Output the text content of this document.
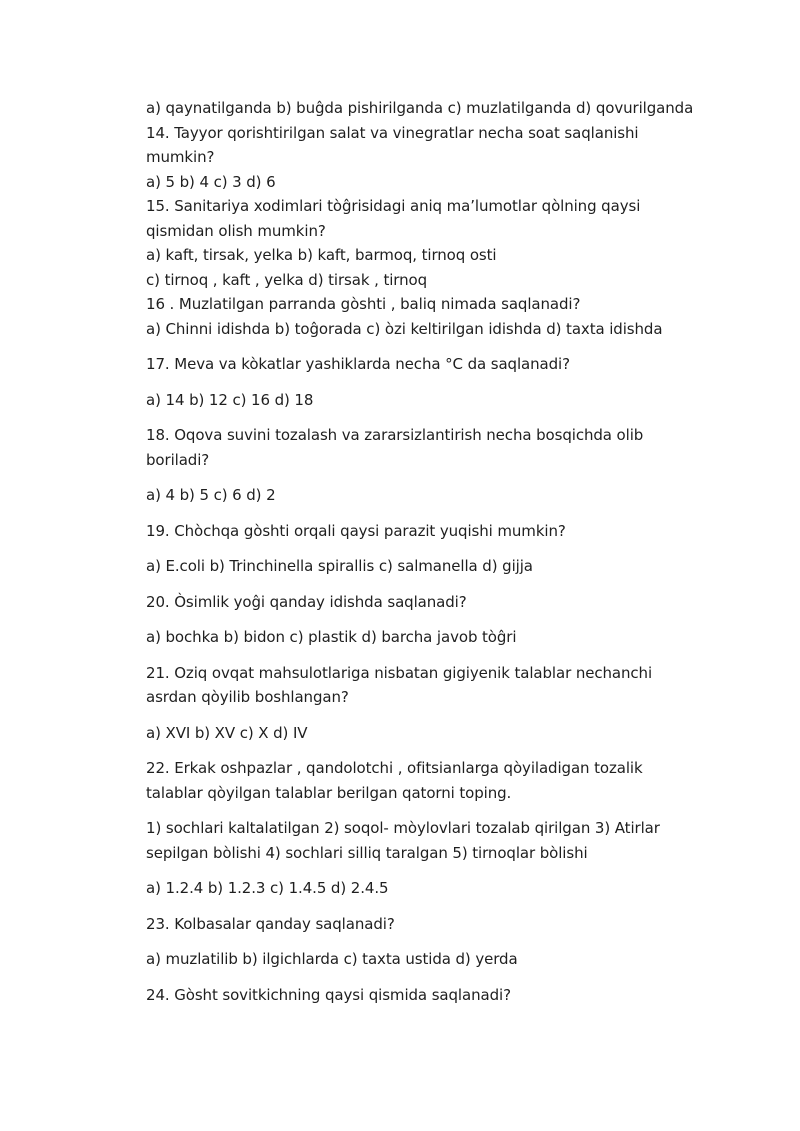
a) qaynatilganda b) buĝda pishirilganda c) muzlatilganda d) qovurilganda
14. Tayyor qorishtirilgan salat va vinegratlar necha soat saqlanishi
mumkin?
a) 5 b) 4 c) 3 d) 6
15. Sanitariya xodimlari tòĝrisidagi aniq ma’lumotlar qòlning qaysi
qismidan olish mumkin?
a) kaft, tirsak, yelka b) kaft, barmoq, tirnoq osti
c) tirnoq , kaft , yelka d) tirsak , tirnoq
16 . Muzlatilgan parranda gòshti , baliq nimada saqlanadi?
a) Chinni idishda b) toĝorada c) òzi keltirilgan idishda d) taxta idishda
17. Meva va kòkatlar yashiklarda necha °C da saqlanadi?
a) 14 b) 12 c) 16 d) 18
18. Oqova suvini tozalash va zararsizlantirish necha bosqichda olib
boriladi?
a) 4 b) 5 c) 6 d) 2
19. Chòchqa gòshti orqali qaysi parazit yuqishi mumkin?
a) E.coli b) Trinchinella spirallis c) salmanella d) gijja
20. Òsimlik yoĝi qanday idishda saqlanadi?
a) bochka b) bidon c) plastik d) barcha javob tòĝri
21. Oziq ovqat mahsulotlariga nisbatan gigiyenik talablar nechanchi
asrdan qòyilib boshlangan?
a) XVI b) XV c) X d) IV
22. Erkak oshpazlar , qandolotchi , ofitsianlarga qòyiladigan tozalik
talablar qòyilgan talablar berilgan qatorni toping.
1) sochlari kaltalatilgan 2) soqol- mòylovlari tozalab qirilgan 3) Atirlar
sepilgan bòlishi 4) sochlari silliq taralgan 5) tirnoqlar bòlishi
a) 1.2.4 b) 1.2.3 c) 1.4.5 d) 2.4.5
23. Kolbasalar qanday saqlanadi?
a) muzlatilib b) ilgichlarda c) taxta ustida d) yerda
24. Gòsht sovitkichning qaysi qismida saqlanadi?
